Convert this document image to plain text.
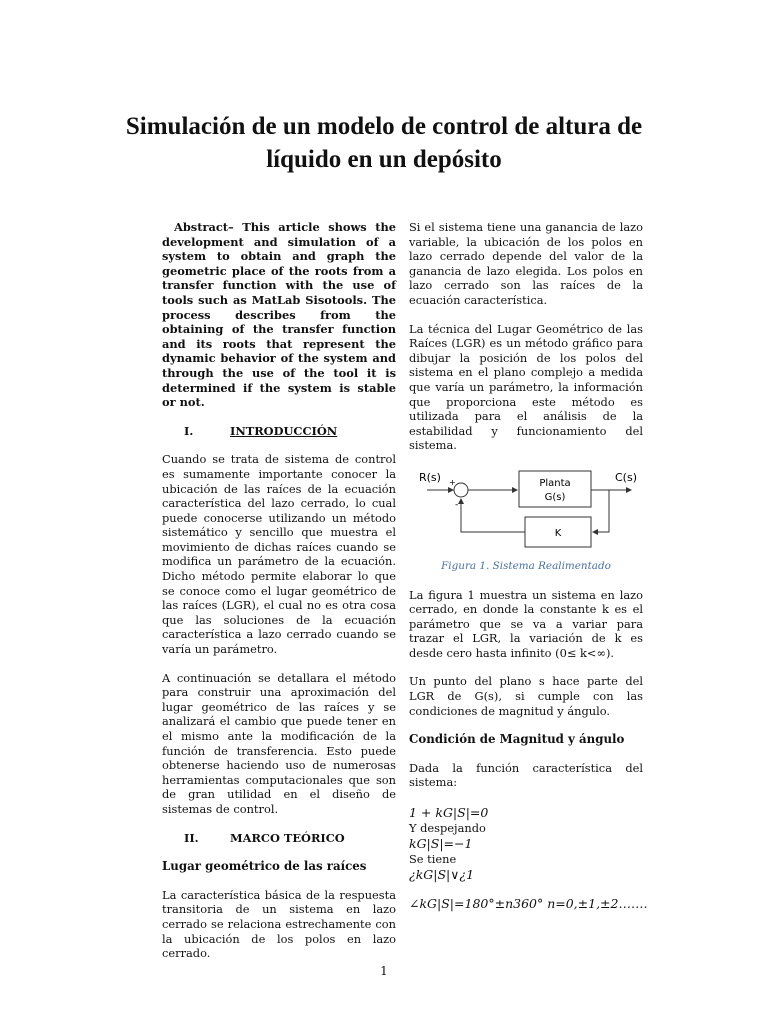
Simulación de un modelo de control de altura de líquido en un depósito

Abstract– This article shows the development and simulation of a system to obtain and graph the geometric place of the roots from a transfer function with the use of tools such as MatLab Sisotools. The process describes from the obtaining of the transfer function and its roots that represent the dynamic behavior of the system and through the use of the tool it is determined if the system is stable or not.

I.	INTRODUCCIÓN

Cuando se trata de sistema de control es sumamente importante conocer la ubicación de las raíces de la ecuación característica del lazo cerrado, lo cual puede conocerse utilizando un método sistemático y sencillo que muestra el movimiento de dichas raíces cuando se modifica un parámetro de la ecuación. Dicho método permite elaborar lo que se conoce como el lugar geométrico de las raíces (LGR), el cual no es otra cosa que las soluciones de la ecuación característica a lazo cerrado cuando se varía un parámetro.

A continuación se detallara el método para construir una aproximación del lugar geométrico de las raíces y se analizará el cambio que puede tener en el mismo ante la modificación de la función de transferencia. Esto puede obtenerse haciendo uso de numerosas herramientas computacionales que son de gran utilidad en el diseño de sistemas de control.

II.	MARCO TEÓRICO
Lugar geométrico de las raíces

La característica básica de la respuesta transitoria de un sistema en lazo cerrado se relaciona estrechamente con la ubicación de los polos en lazo cerrado.

Si el sistema tiene una ganancia de lazo variable, la ubicación de los polos en lazo cerrado depende del valor de la ganancia de lazo elegida. Los polos en lazo cerrado son las raíces de la ecuación característica.

La técnica del Lugar Geométrico de las Raíces (LGR) es un método gráfico para dibujar la posición de los polos del sistema en el plano complejo a medida que varía un parámetro, la información que proporciona este método es utilizada para el análisis de la estabilidad y funcionamiento del sistema.

R(s)	C(s)
+
-
Planta
G(s)
K
Figura 1. Sistema Realimentado

La figura 1 muestra un sistema en lazo cerrado, en donde la constante k es el parámetro que se va a variar para trazar el LGR, la variación de k es desde cero hasta infinito (0≤ k<∞).

Un punto del plano s hace parte del LGR de G(s), si cumple con las condiciones de magnitud y ángulo.

Condición de Magnitud y ángulo

Dada la función característica del sistema:

1 + kG|S|=0
Y despejando
kG|S|=−1
Se tiene
¿kG|S|∨¿1
∠kG|S|=180°±n360° n=0,±1,±2…….
1
